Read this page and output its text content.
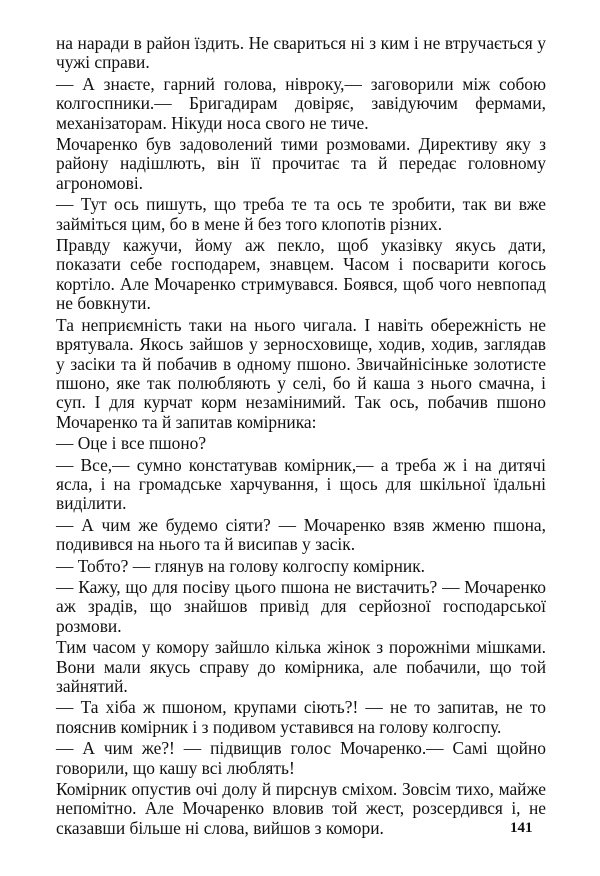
на наради в район їздить. Не свариться ні з ким і не втручається у чужі справи.

— А знаєте, гарний голова, нівроку,— заговорили між собою колгоспники.— Бригадирам довіряє, завідуючим фермами, механізаторам. Нікуди носа свого не тиче.

Мочаренко був задоволений тими розмовами. Директиву яку з району надішлють, він її прочитає та й передає головному агрономові.

— Тут ось пишуть, що треба те та ось те зробити, так ви вже займіться цим, бо в мене й без того клопотів різних.

Правду кажучи, йому аж пекло, щоб указівку якусь дати, показати себе господарем, знавцем. Часом і посварити когось кортіло. Але Мочаренко стримувався. Боявся, щоб чого невпопад не бовкнути.

Та неприємність таки на нього чигала. І навіть обережність не врятувала. Якось зайшов у зерносховище, ходив, ходив, заглядав у засіки та й побачив в одному пшоно. Звичайнісіньке золотисте пшоно, яке так полюбляють у селі, бо й каша з нього смачна, і суп. І для курчат корм незамінимий. Так ось, побачив пшоно Мочаренко та й запитав комірника:

— Оце і все пшоно?

— Все,— сумно констатував комірник,— а треба ж і на дитячі ясла, і на громадське харчування, і щось для шкільної їдальні виділити.

— А чим же будемо сіяти? — Мочаренко взяв жменю пшона, подивився на нього та й висипав у засік.

— Тобто? — глянув на голову колгоспу комірник.

— Кажу, що для посіву цього пшона не вистачить? — Мочаренко аж зрадів, що знайшов привід для серйозної господарської розмови.

Тим часом у комору зайшло кілька жінок з порожніми мішками. Вони мали якусь справу до комірника, але побачили, що той зайнятий.

— Та хіба ж пшоном, крупами сіють?! — не то запитав, не то пояснив комірник і з подивом уставився на голову колгоспу.

— А чим же?! — підвищив голос Мочаренко.— Самі щойно говорили, що кашу всі люблять!

Комірник опустив очі долу й пирснув сміхом. Зовсім тихо, майже непомітно. Але Мочаренко вловив той жест, розсердився і, не сказавши більше ні слова, вийшов з комори.	141
